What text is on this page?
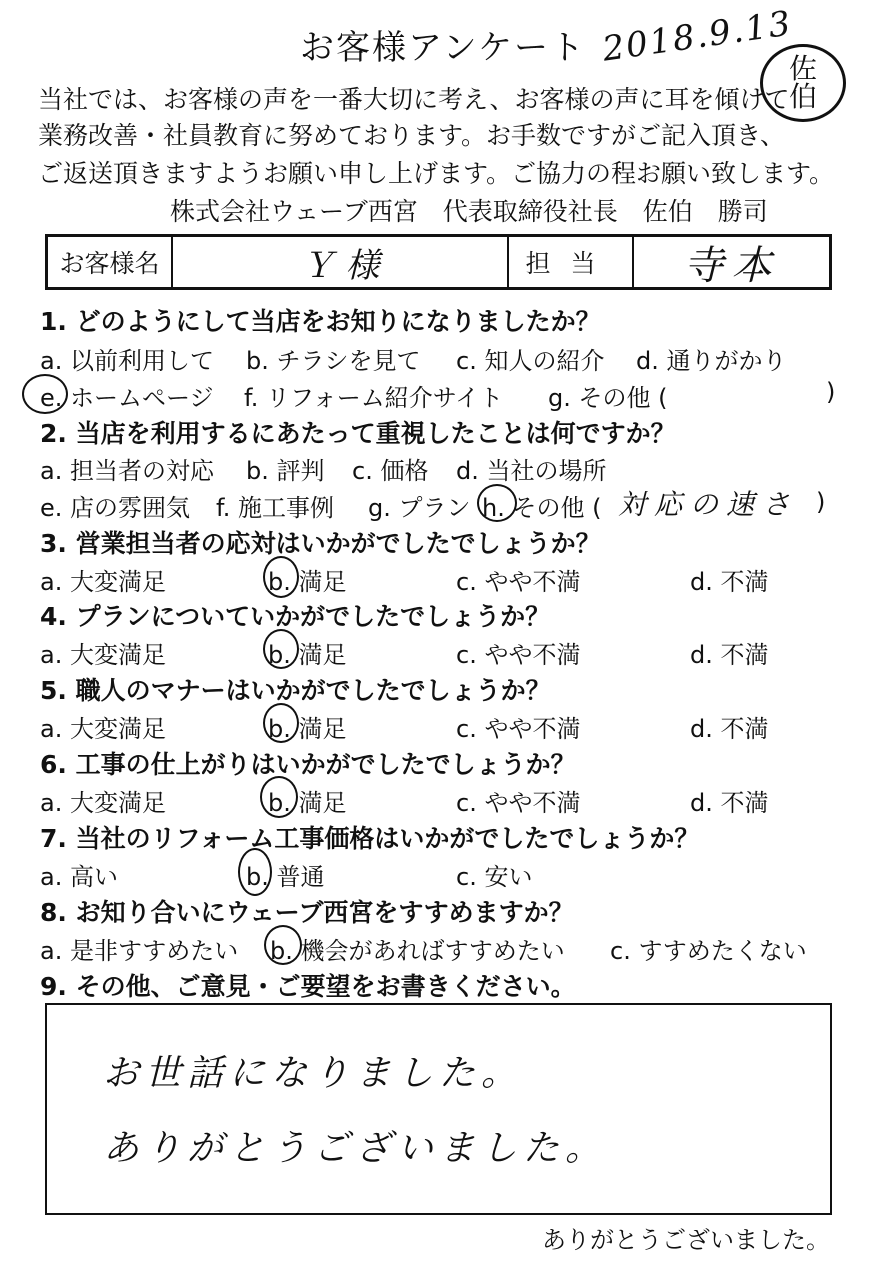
お客様アンケート 2018.9.13
佐
伯
当社では、お客様の声を一番大切に考え、お客様の声に耳を傾けて
業務改善・社員教育に努めております。お手数ですがご記入頂き、
ご返送頂きますようお願い申し上げます。ご協力の程お願い致します。
株式会社ウェーブ西宮　代表取締役社長　佐伯　勝司
お客様名	Ｙ 様	担当	寺本
1. どのようにして当店をお知りになりましたか？
a. 以前利用して b. チラシを見て c. 知人の紹介 d. 通りがかり
e. ホームページ f. リフォーム紹介サイト g. その他 (	)
2. 当店を利用するにあたって重視したことは何ですか？
a. 担当者の対応 b. 評判 c. 価格 d. 当社の場所
e. 店の雰囲気 f. 施工事例 g. プラン h. その他 ( 対応の速さ )
3. 営業担当者の応対はいかがでしたでしょうか？
a. 大変満足	b. 満足	c. やや不満	d. 不満
4. プランについていかがでしたでしょうか？
a. 大変満足	b. 満足	c. やや不満	d. 不満
5. 職人のマナーはいかがでしたでしょうか？
a. 大変満足	b. 満足	c. やや不満	d. 不満
6. 工事の仕上がりはいかがでしたでしょうか？
a. 大変満足	b. 満足	c. やや不満	d. 不満
7. 当社のリフォーム工事価格はいかがでしたでしょうか？
a. 高い	b. 普通	c. 安い
8. お知り合いにウェーブ西宮をすすめますか？
a. 是非すすめたい b. 機会があればすすめたい c. すすめたくない
9. その他、ご意見・ご要望をお書きください。
お世話になりました。
ありがとうございました。
ありがとうございました。
